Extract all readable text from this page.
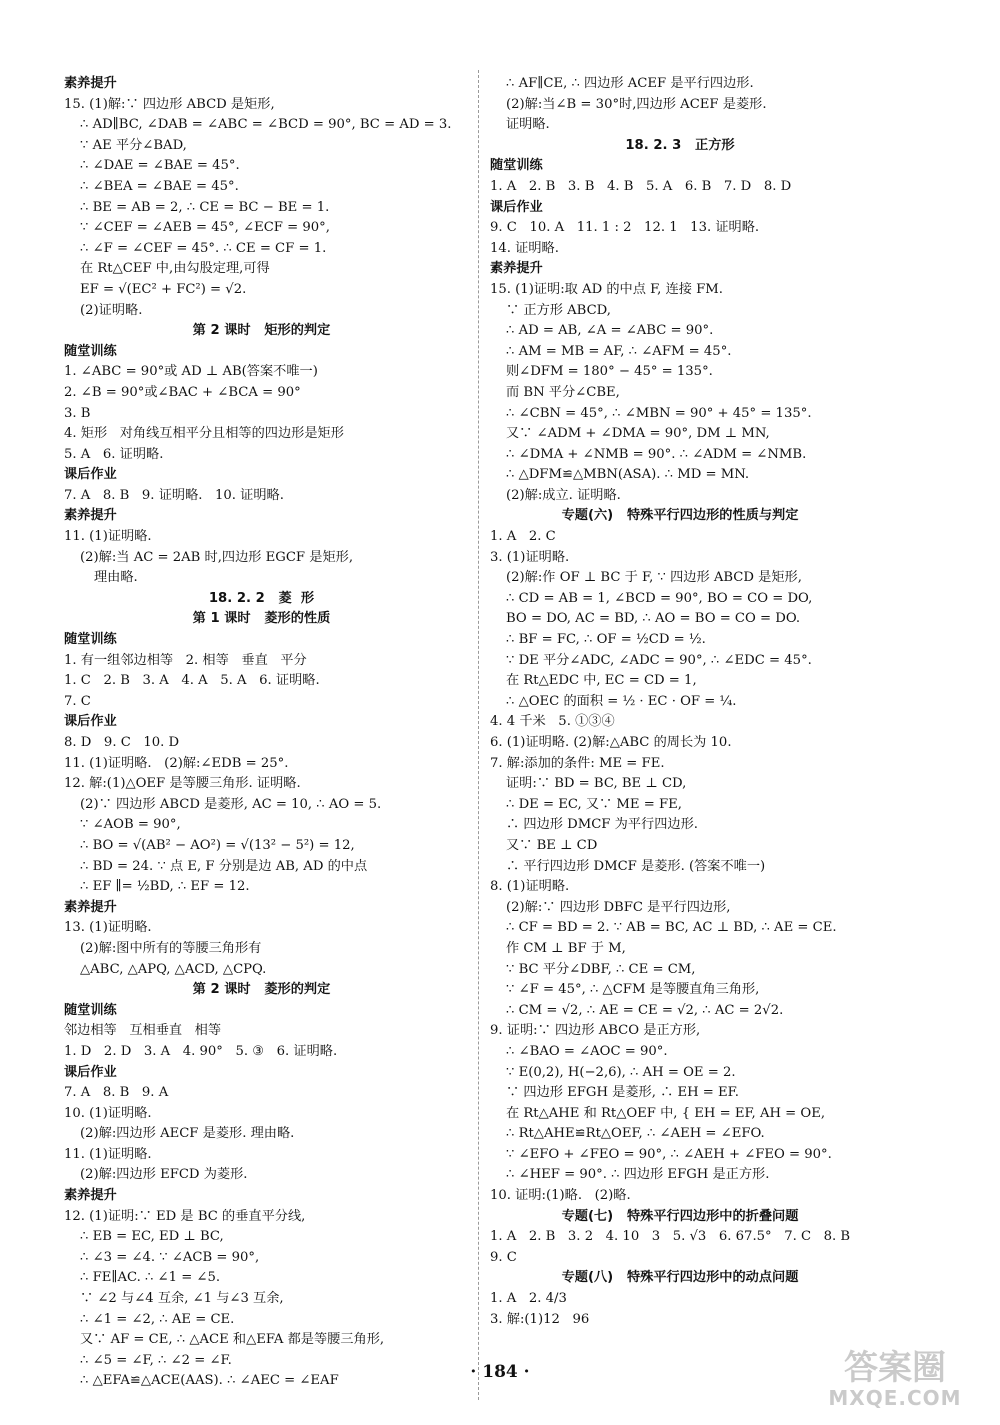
素养提升
15. (1)解:∵ 四边形 ABCD 是矩形,
∴ AD∥BC, ∠DAB = ∠ABC = ∠BCD = 90°, BC = AD = 3.
∵ AE 平分∠BAD,
∴ ∠DAE = ∠BAE = 45°.
∴ ∠BEA = ∠BAE = 45°.
∴ BE = AB = 2, ∴ CE = BC − BE = 1.
∵ ∠CEF = ∠AEB = 45°, ∠ECF = 90°,
∴ ∠F = ∠CEF = 45°. ∴ CE = CF = 1.
在 Rt△CEF 中,由勾股定理,可得
EF = √(EC² + FC²) = √2.
(2)证明略.
第 2 课时   矩形的判定
随堂训练
1. ∠ABC = 90°或 AD ⊥ AB(答案不唯一)
2. ∠B = 90°或∠BAC + ∠BCA = 90°
3. B
4. 矩形   对角线互相平分且相等的四边形是矩形
5. A   6. 证明略.
课后作业
7. A   8. B   9. 证明略.   10. 证明略.
素养提升
11. (1)证明略.
(2)解:当 AC = 2AB 时,四边形 EGCF 是矩形,
理由略.
18. 2. 2   菱  形
第 1 课时   菱形的性质
随堂训练
1. 有一组邻边相等   2. 相等   垂直   平分
1. C   2. B   3. A   4. A   5. A   6. 证明略.
7. C
课后作业
8. D   9. C   10. D
11. (1)证明略.   (2)解:∠EDB = 25°.
12. 解:(1)△OEF 是等腰三角形. 证明略.
(2)∵ 四边形 ABCD 是菱形, AC = 10, ∴ AO = 5.
∵ ∠AOB = 90°,
∴ BO = √(AB² − AO²) = √(13² − 5²) = 12,
∴ BD = 24. ∵ 点 E, F 分别是边 AB, AD 的中点
∴ EF ∥= ½BD, ∴ EF = 12.
素养提升
13. (1)证明略.
(2)解:图中所有的等腰三角形有
△ABC, △APQ, △ACD, △CPQ.
第 2 课时   菱形的判定
随堂训练
邻边相等   互相垂直   相等
1. D   2. D   3. A   4. 90°   5. ③   6. 证明略.
课后作业
7. A   8. B   9. A
10. (1)证明略.
(2)解:四边形 AECF 是菱形. 理由略.
11. (1)证明略.
(2)解:四边形 EFCD 为菱形.
素养提升
12. (1)证明:∵ ED 是 BC 的垂直平分线,
∴ EB = EC, ED ⊥ BC,
∴ ∠3 = ∠4. ∵ ∠ACB = 90°,
∴ FE∥AC. ∴ ∠1 = ∠5.
∵ ∠2 与∠4 互余, ∠1 与∠3 互余,
∴ ∠1 = ∠2, ∴ AE = CE.
又∵ AF = CE, ∴ △ACE 和△EFA 都是等腰三角形,
∴ ∠5 = ∠F, ∴ ∠2 = ∠F.
∴ △EFA≌△ACE(AAS). ∴ ∠AEC = ∠EAF
∴ AF∥CE, ∴ 四边形 ACEF 是平行四边形.
(2)解:当∠B = 30°时,四边形 ACEF 是菱形.
证明略.
18. 2. 3   正方形
随堂训练
1. A   2. B   3. B   4. B   5. A   6. B   7. D   8. D
课后作业
9. C   10. A   11. 1 : 2   12. 1   13. 证明略.
14. 证明略.
素养提升
15. (1)证明:取 AD 的中点 F, 连接 FM.
∵ 正方形 ABCD,
∴ AD = AB, ∠A = ∠ABC = 90°.
∴ AM = MB = AF, ∴ ∠AFM = 45°.
则∠DFM = 180° − 45° = 135°.
而 BN 平分∠CBE,
∴ ∠CBN = 45°, ∴ ∠MBN = 90° + 45° = 135°.
又∵ ∠ADM + ∠DMA = 90°, DM ⊥ MN,
∴ ∠DMA + ∠NMB = 90°. ∴ ∠ADM = ∠NMB.
∴ △DFM≌△MBN(ASA). ∴ MD = MN.
(2)解:成立. 证明略.
专题(六)   特殊平行四边形的性质与判定
1. A   2. C
3. (1)证明略.
(2)解:作 OF ⊥ BC 于 F, ∵ 四边形 ABCD 是矩形,
∴ CD = AB = 1, ∠BCD = 90°, BO = CO = DO,
BO = DO, AC = BD, ∴ AO = BO = CO = DO.
∴ BF = FC, ∴ OF = ½CD = ½.
∵ DE 平分∠ADC, ∠ADC = 90°, ∴ ∠EDC = 45°.
在 Rt△EDC 中, EC = CD = 1,
∴ △OEC 的面积 = ½ · EC · OF = ¼.
4. 4 千米   5. ①③④
6. (1)证明略. (2)解:△ABC 的周长为 10.
7. 解:添加的条件: ME = FE.
证明:∵ BD = BC, BE ⊥ CD,
∴ DE = EC, 又∵ ME = FE,
∴ 四边形 DMCF 为平行四边形.
又∵ BE ⊥ CD
∴ 平行四边形 DMCF 是菱形. (答案不唯一)
8. (1)证明略.
(2)解:∵ 四边形 DBFC 是平行四边形,
∴ CF = BD = 2. ∵ AB = BC, AC ⊥ BD, ∴ AE = CE.
作 CM ⊥ BF 于 M,
∵ BC 平分∠DBF, ∴ CE = CM,
∵ ∠F = 45°, ∴ △CFM 是等腰直角三角形,
∴ CM = √2, ∴ AE = CE = √2, ∴ AC = 2√2.
9. 证明:∵ 四边形 ABCO 是正方形,
∴ ∠BAO = ∠AOC = 90°.
∵ E(0,2), H(−2,6), ∴ AH = OE = 2.
∵ 四边形 EFGH 是菱形, ∴ EH = EF.
在 Rt△AHE 和 Rt△OEF 中, { EH = EF, AH = OE,
∴ Rt△AHE≌Rt△OEF, ∴ ∠AEH = ∠EFO.
∵ ∠EFO + ∠FEO = 90°, ∴ ∠AEH + ∠FEO = 90°.
∴ ∠HEF = 90°. ∴ 四边形 EFGH 是正方形.
10. 证明:(1)略.   (2)略.
专题(七)   特殊平行四边形中的折叠问题
1. A   2. B   3. 2   4. 10   3   5. √3   6. 67.5°   7. C   8. B
9. C
专题(八)   特殊平行四边形中的动点问题
1. A   2. 4/3
3. 解:(1)12   96
· 184 ·	答案圈
MXQE.COM
